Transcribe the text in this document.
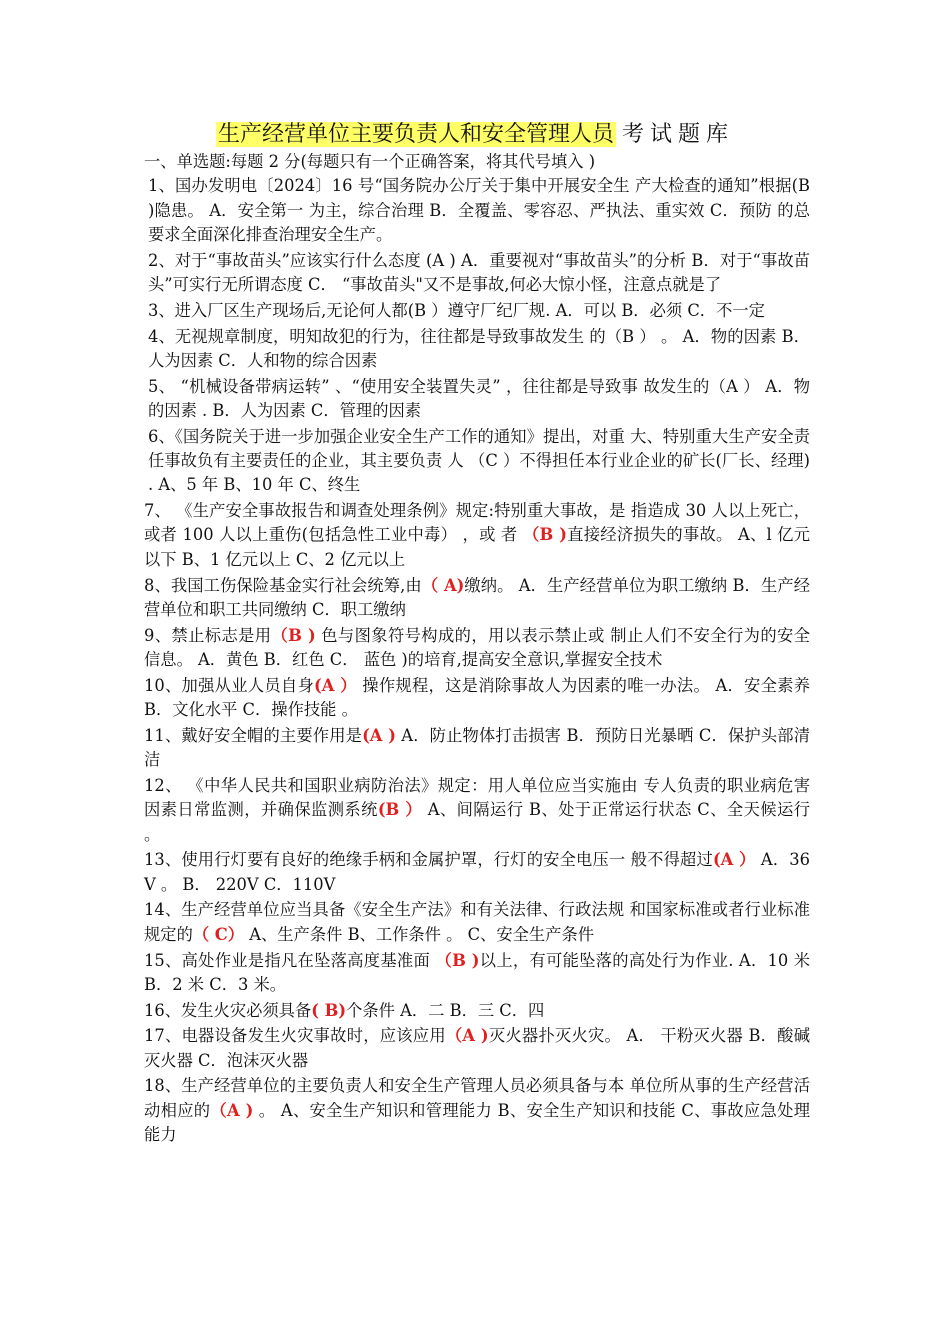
生产经营单位主要负责人和安全管理人员 考试题库

一、单选题:每题 2 分(每题只有一个正确答案，将其代号填入 )

1、国办发明电〔2024〕16 号“国务院办公厅关于集中开展安全生 产大检查的通知”根据(B )隐患。 A．安全第一 为主，综合治理 B．全覆盖、零容忍、严执法、重实效 C．预防 的总要求全面深化排查治理安全生产。

2、对于“事故苗头”应该实行什么态度 (A ) A．重要视对“事故苗头”的分析 B．对于“事故苗头”可实行无所谓态度 C． “事故苗头"又不是事故,何必大惊小怪，注意点就是了

3、进入厂区生产现场后,无论何人都(B ）遵守厂纪厂规. A．可以 B．必须 C．不一定

4、无视规章制度，明知故犯的行为，往往都是导致事故发生 的（B ） 。 A．物的因素 B．人为因素 C．人和物的综合因素

5、 “机械设备带病运转” 、“使用安全装置失灵” ，往往都是导致事 故发生的（A ） A．物的因素 . B．人为因素 C．管理的因素

6、《国务院关于进一步加强企业安全生产工作的通知》提出，对重 大、特别重大生产安全责任事故负有主要责任的企业，其主要负责 人 （C ）不得担任本行业企业的矿长(厂长、经理) . A、5 年 B、10 年 C、终生

7、 《生产安全事故报告和调查处理条例》规定:特别重大事故，是 指造成 30 人以上死亡，或者 100 人以上重伤(包括急性工业中毒） ，或 者 （B )直接经济损失的事故。 A、l 亿元以下 B、1 亿元以上 C、2 亿元以上

8、我国工伤保险基金实行社会统筹,由（ A)缴纳。 A．生产经营单位为职工缴纳 B．生产经营单位和职工共同缴纳 C．职工缴纳

9、禁止标志是用（B ) 色与图象符号构成的，用以表示禁止或 制止人们不安全行为的安全信息。 A．黄色 B．红色 C． 蓝色 )的培育,提高安全意识,掌握安全技术

10、加强从业人员自身(A ） 操作规程，这是消除事故人为因素的唯一办法。 A．安全素养 B．文化水平 C．操作技能 。

11、戴好安全帽的主要作用是(A ) A．防止物体打击损害 B．预防日光暴晒 C．保护头部清洁

12、 《中华人民共和国职业病防治法》规定：用人单位应当实施由 专人负责的职业病危害因素日常监测，并确保监测系统(B ） A、间隔运行 B、处于正常运行状态 C、全天候运行 。

13、使用行灯要有良好的绝缘手柄和金属护罩，行灯的安全电压一 般不得超过(A ） A．36V 。 B． 220V C．110V

14、生产经营单位应当具备《安全生产法》和有关法律、行政法规 和国家标准或者行业标准规定的（ C） A、生产条件 B、工作条件 。 C、安全生产条件

15、高处作业是指凡在坠落高度基准面 （B )以上，有可能坠落的高处行为作业. A．10 米 B．2 米 C．3 米。

16、发生火灾必须具备( B)个条件 A．二 B．三 C．四

17、电器设备发生火灾事故时，应该应用（A )灭火器扑灭火灾。 A． 干粉灭火器 B．酸碱灭火器 C．泡沫灭火器

18、生产经营单位的主要负责人和安全生产管理人员必须具备与本 单位所从事的生产经营活动相应的（A ) 。 A、安全生产知识和管理能力 B、安全生产知识和技能 C、事故应急处理能力
